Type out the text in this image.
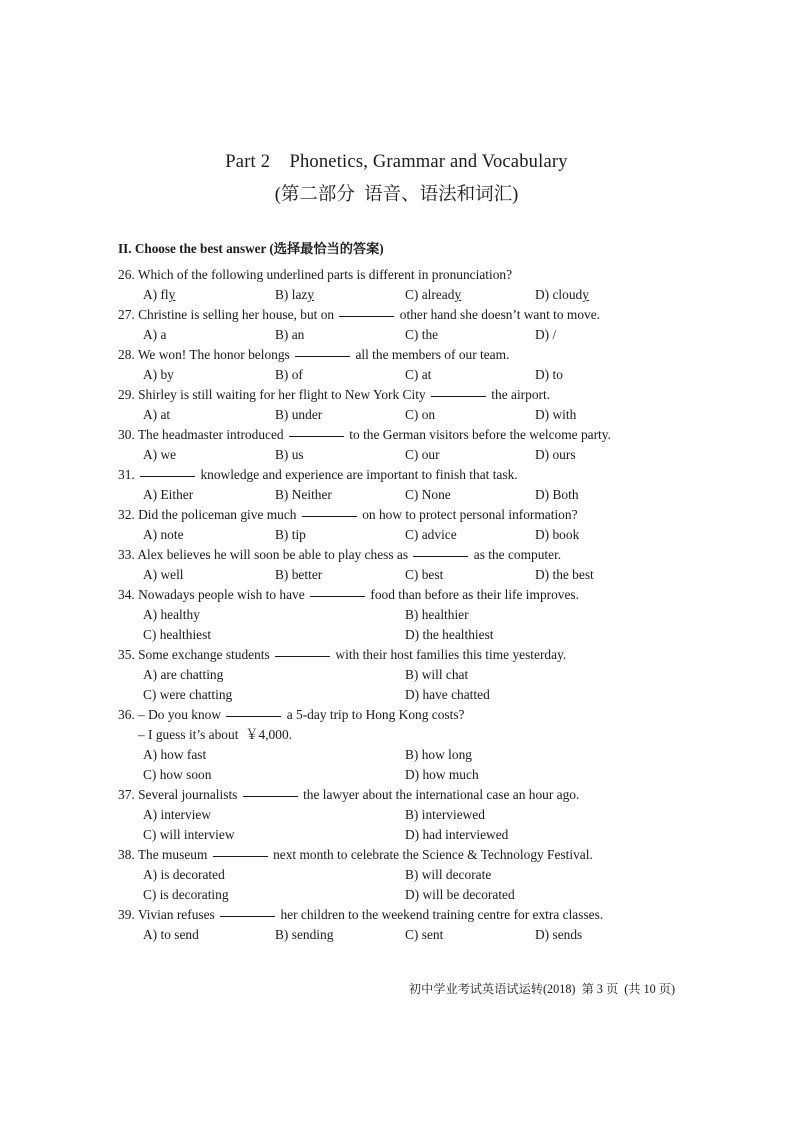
Part 2    Phonetics, Grammar and Vocabulary
(第二部分  语音、语法和词汇)
II. Choose the best answer (选择最恰当的答案)
26. Which of the following underlined parts is different in pronunciation?
A) fly	B) lazy	C) already	D) cloudy
27. Christine is selling her house, but on	other hand she doesn’t want to move.
A) a	B) an	C) the	D) /
28. We won! The honor belongs	all the members of our team.
A) by	B) of	C) at	D) to
29. Shirley is still waiting for her flight to New York City	the airport.
A) at	B) under	C) on	D) with
30. The headmaster introduced	to the German visitors before the welcome party.
A) we	B) us	C) our	D) ours
31.	knowledge and experience are important to finish that task.
A) Either	B) Neither	C) None	D) Both
32. Did the policeman give much	on how to protect personal information?
A) note	B) tip	C) advice	D) book
33. Alex believes he will soon be able to play chess as	as the computer.
A) well	B) better	C) best	D) the best
34. Nowadays people wish to have	food than before as their life improves.
A) healthy	B) healthier
C) healthiest	D) the healthiest
35. Some exchange students	with their host families this time yesterday.
A) are chatting	B) will chat
C) were chatting	D) have chatted
36. – Do you know	a 5-day trip to Hong Kong costs?
– I guess it’s about  ￥4,000.
A) how fast	B) how long
C) how soon	D) how much
37. Several journalists	the lawyer about the international case an hour ago.
A) interview	B) interviewed
C) will interview	D) had interviewed
38. The museum	next month to celebrate the Science & Technology Festival.
A) is decorated	B) will decorate
C) is decorating	D) will be decorated
39. Vivian refuses	her children to the weekend training centre for extra classes.
A) to send	B) sending	C) sent	D) sends
初中学业考试英语试运转(2018)  第 3 页  (共 10 页)
